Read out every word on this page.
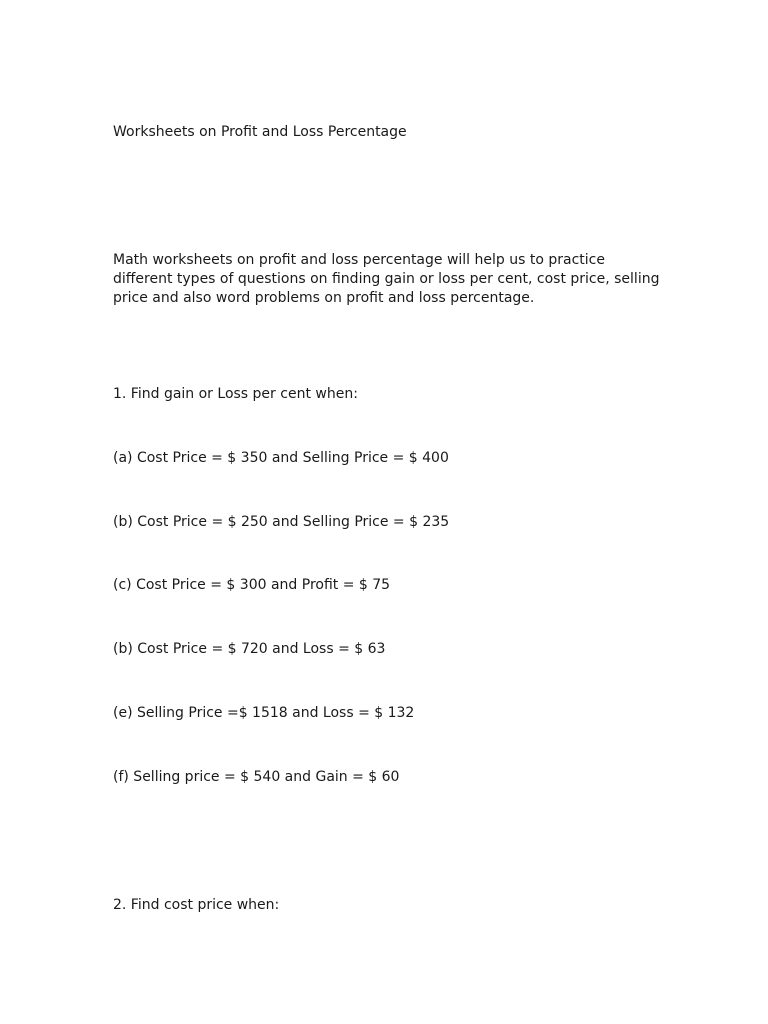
Worksheets on Profit and Loss Percentage

Math worksheets on profit and loss percentage will help us to practice
different types of questions on finding gain or loss per cent, cost price, selling
price and also word problems on profit and loss percentage.

1. Find gain or Loss per cent when:

(a) Cost Price = $ 350 and Selling Price = $ 400

(b) Cost Price = $ 250 and Selling Price = $ 235

(c) Cost Price = $ 300 and Profit = $ 75

(b) Cost Price = $ 720 and Loss = $ 63

(e) Selling Price =$ 1518 and Loss = $ 132

(f) Selling price = $ 540 and Gain = $ 60

2. Find cost price when:
